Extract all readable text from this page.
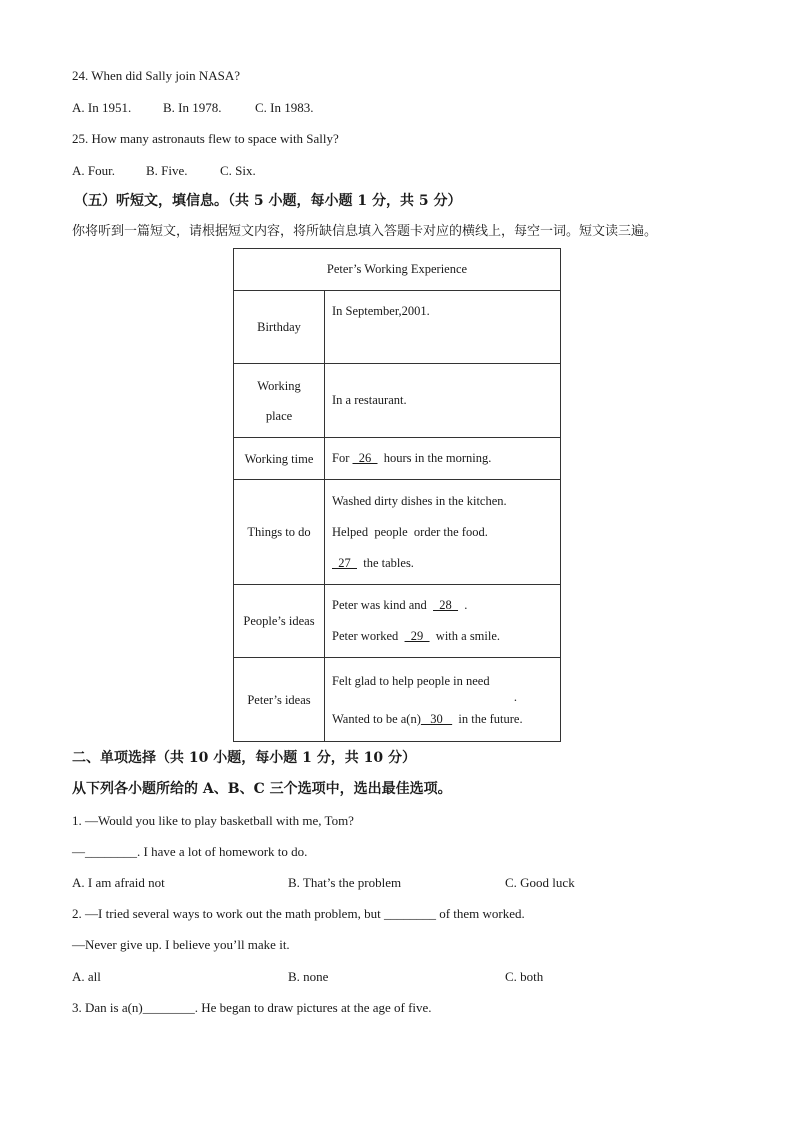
24. When did Sally join NASA?
A. In 1951. B. In 1978.	C. In 1983.
25. How many astronauts flew to space with Sally?
A. Four. B. Five. C. Six.
（五）听短文，填信息。（共 5 小题，每小题 1 分，共 5 分）
你将听到一篇短文，请根据短文内容，将所缺信息填入答题卡对应的横线上，每空一词。短文读三遍。
Peter’s Working Experience	
Birthday	In September,2001.

Working
place	In a restaurant.
Working time	For   26    hours in the morning.
Things to do	Washed dirty dishes in the kitchen.
Helped  people  order the food.
27    the tables.

People’s ideas	Peter was kind and    28    .
Peter worked    29    with a smile.

Peter’s ideas	Felt glad to help people in need
.
Wanted to be a(n)   30     in the future.
二、单项选择（共 10 小题，每小题 1 分，共 10 分）
从下列各小题所给的 A、B、C 三个选项中，选出最佳选项。
1. —Would you like to play basketball with me, Tom?
—________. I have a lot of homework to do.
A. I am afraid not	B. That’s the problem	C. Good luck
2. —I tried several ways to work out the math problem, but ________ of them worked.
—Never give up. I believe you’ll make it.
A. all	B. none	C. both
3. Dan is a(n)________. He began to draw pictures at the age of five.
